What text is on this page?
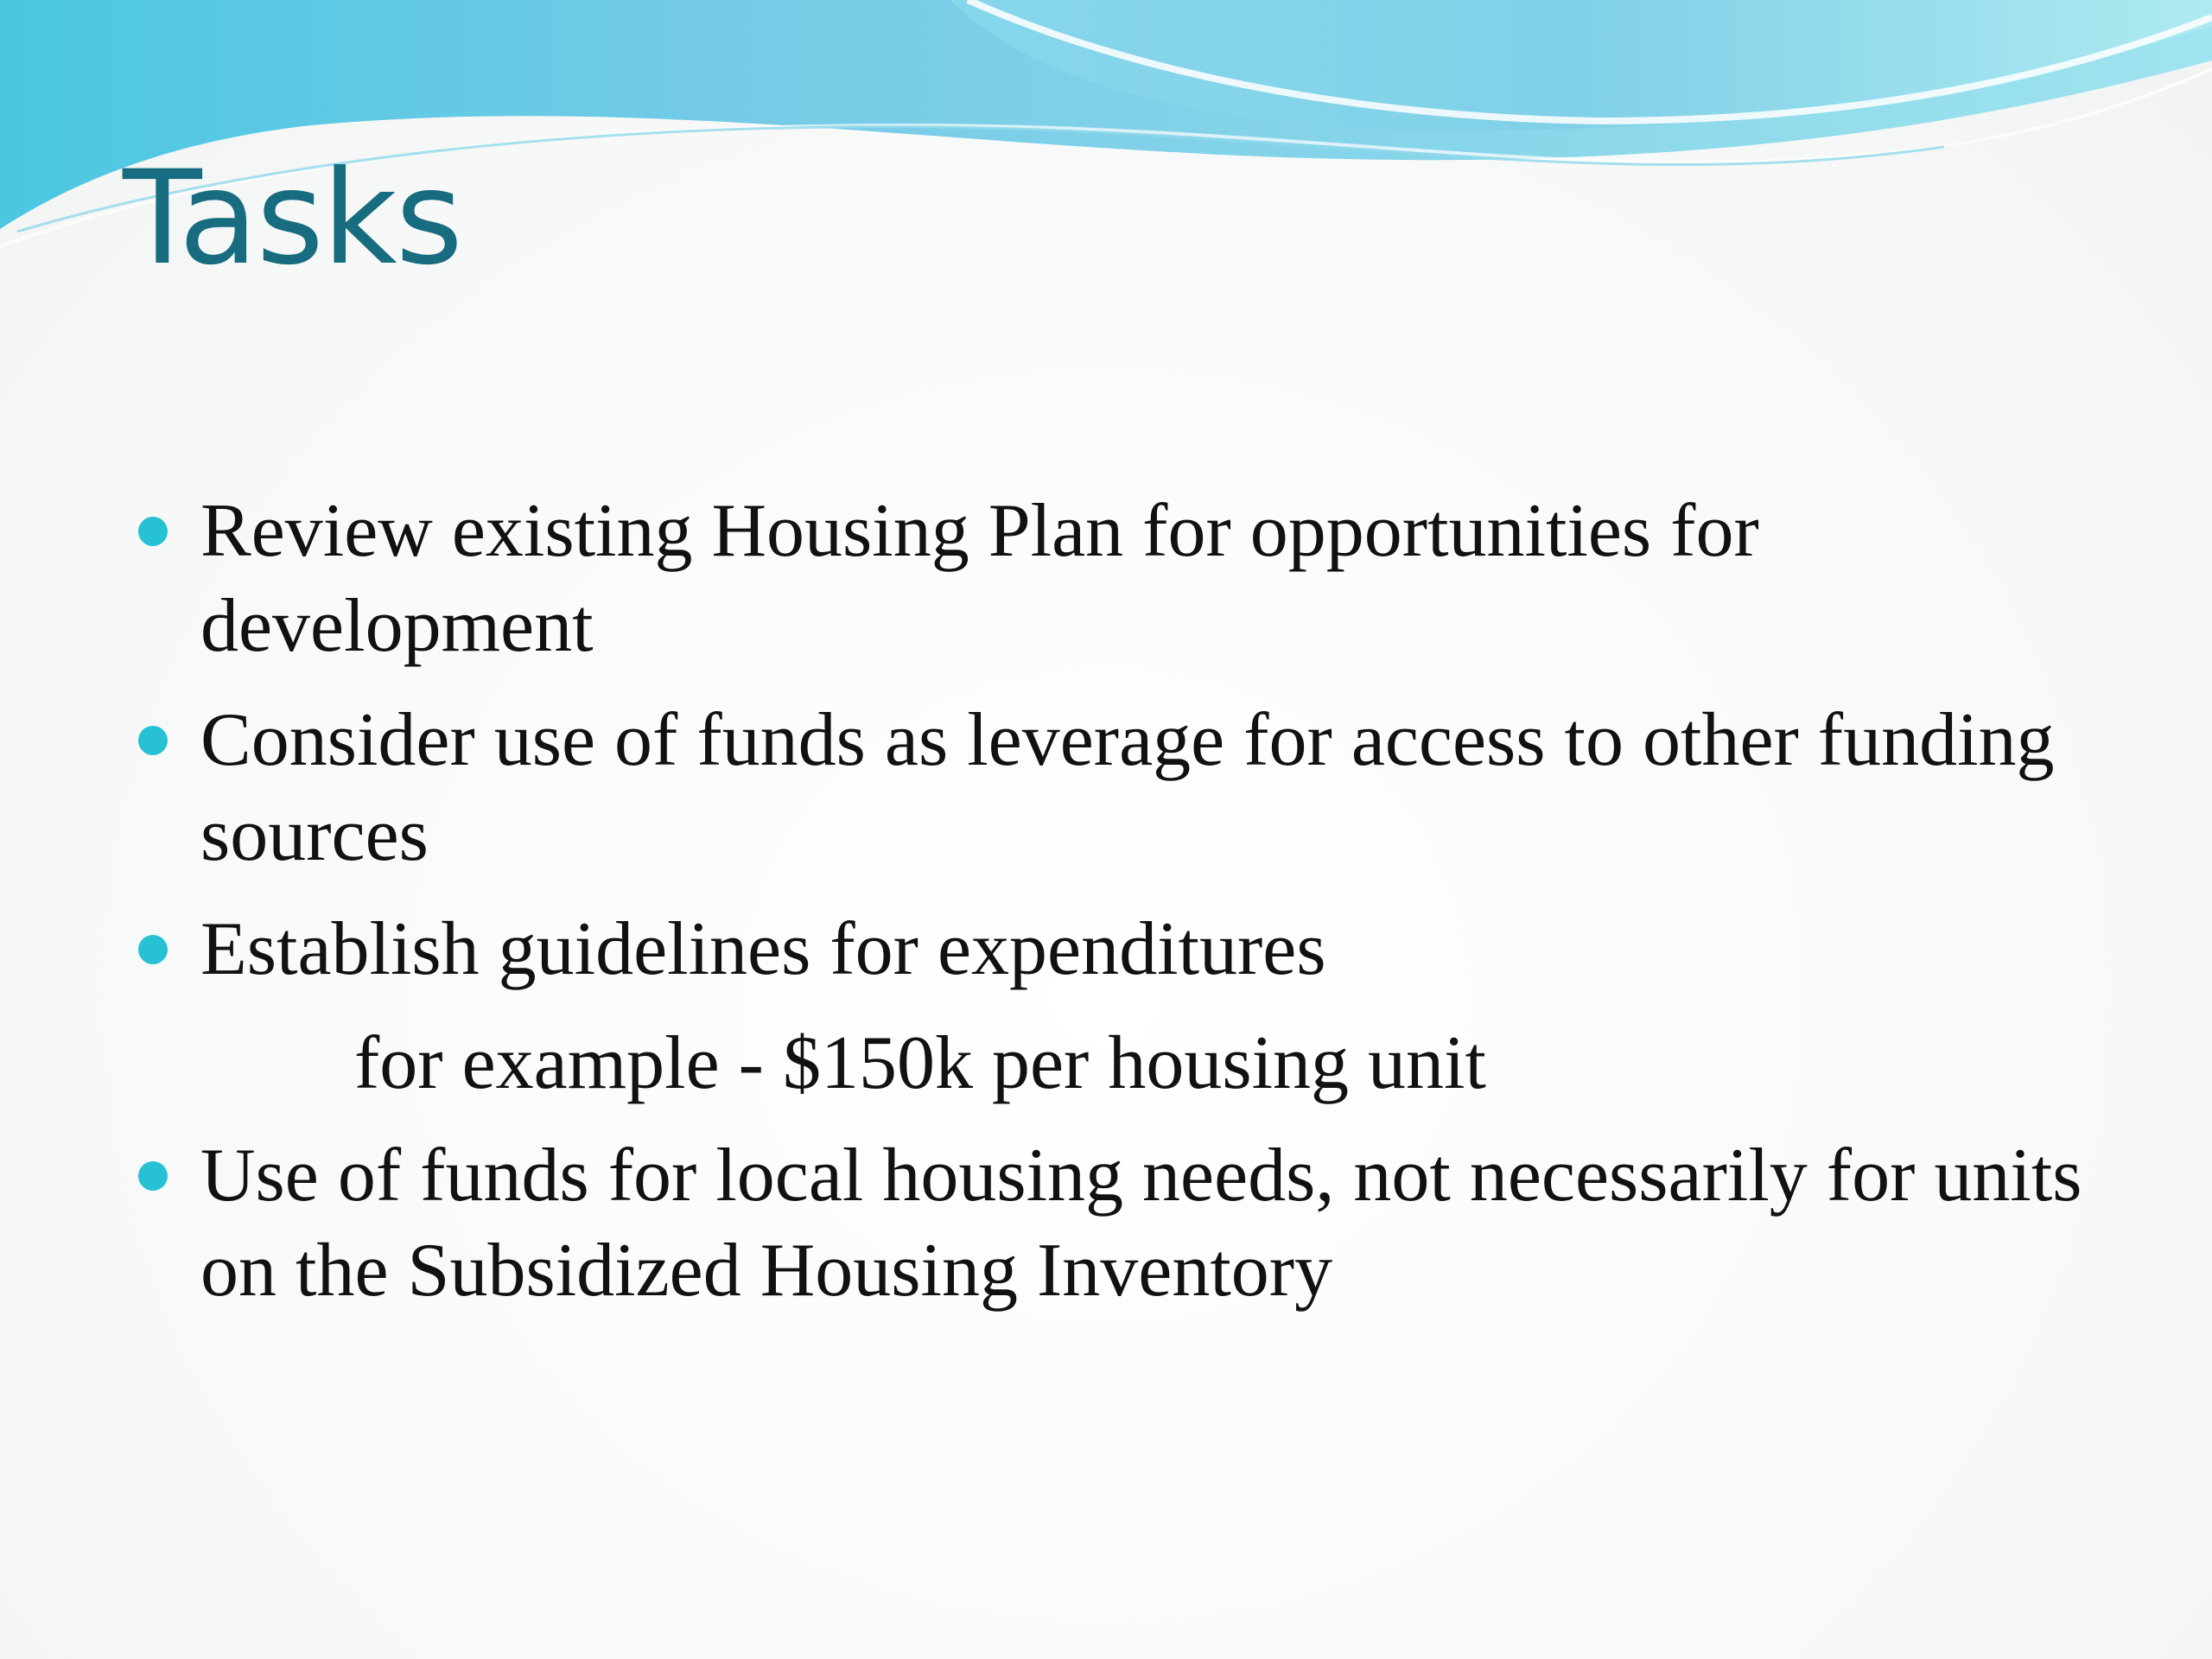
Tasks
Review existing Housing Plan for opportunities for development
Consider use of funds as leverage for access to other funding sources
Establish guidelines for expenditures
for example - $150k per housing unit
Use of funds for local housing needs, not necessarily for units on the Subsidized Housing Inventory
